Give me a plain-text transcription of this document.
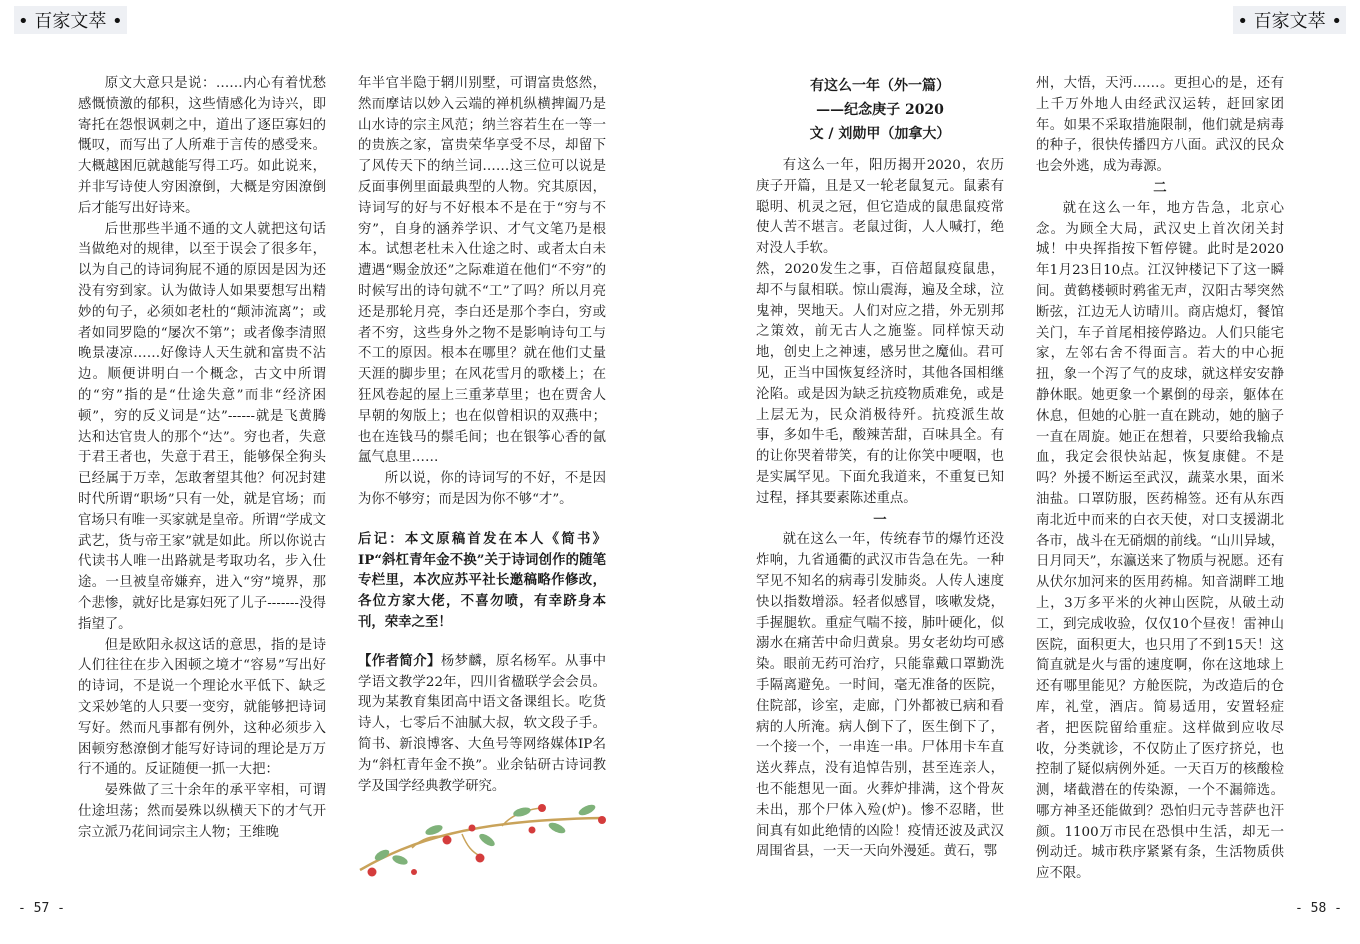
• 百家文萃 •	• 百家文萃 •

原文大意只是说：……内心有着忧愁感慨愤激的郁积，这些情感化为诗兴，即寄托在怨恨讽刺之中，道出了逐臣寡妇的慨叹，而写出了人所难于言传的感受来。大概越困厄就越能写得工巧。如此说来，并非写诗使人穷困潦倒，大概是穷困潦倒后才能写出好诗来。

后世那些半通不通的文人就把这句话当做绝对的规律，以至于误会了很多年，以为自己的诗词狗屁不通的原因是因为还没有穷到家。认为做诗人如果要想写出精妙的句子，必须如老杜的“颠沛流离”；或者如同罗隐的“屡次不第”；或者像李清照晚景凄凉……好像诗人天生就和富贵不沾边。顺便讲明白一个概念，古文中所谓的“穷”指的是“仕途失意”而非“经济困顿”，穷的反义词是“达”------就是飞黄腾达和达官贵人的那个“达”。穷也者，失意于君王者也，失意于君王，能够保全狗头已经属于万幸，怎敢奢望其他？何况封建时代所谓“职场”只有一处，就是官场；而官场只有唯一买家就是皇帝。所谓“学成文武艺，货与帝王家”就是如此。所以你说古代读书人唯一出路就是考取功名，步入仕途。一旦被皇帝嫌弃，进入“穷”境界，那个悲惨，就好比是寡妇死了儿子-------没得指望了。

但是欧阳永叔这话的意思，指的是诗人们往往在步入困顿之境才“容易”写出好的诗词，不是说一个理论水平低下、缺乏文采妙笔的人只要一变穷，就能够把诗词写好。然而凡事都有例外，这种必须步入困顿穷愁潦倒才能写好诗词的理论是万万行不通的。反证随便一抓一大把：

晏殊做了三十余年的承平宰相，可谓仕途坦荡；然而晏殊以纵横天下的才气开宗立派乃花间词宗主人物；王维晚

年半官半隐于辋川别墅，可谓富贵悠然，然而摩诘以妙入云端的禅机纵横捭阖乃是山水诗的宗主风范；纳兰容若生在一等一的贵族之家，富贵荣华享受不尽，却留下了风传天下的纳兰词……这三位可以说是反面事例里面最典型的人物。究其原因，诗词写的好与不好根本不是在于“穷与不穷”，自身的涵养学识、才气文笔乃是根本。试想老杜未入仕途之时、或者太白未遭遇“赐金放还”之际难道在他们“不穷”的时候写出的诗句就不“工”了吗？所以月亮还是那轮月亮，李白还是那个李白，穷或者不穷，这些身外之物不是影响诗句工与不工的原因。根本在哪里？就在他们丈量天涯的脚步里；在风花雪月的歌楼上；在狂风卷起的屋上三重茅草里；也在贾舍人早朝的匆版上；也在似曾相识的双燕中；也在连钱马的鬃毛间；也在银筝心香的氤氲气息里……

所以说，你的诗词写的不好，不是因为你不够穷；而是因为你不够“才”。

后记：本文原稿首发在本人《简书》IP“斜杠青年金不换”关于诗词创作的随笔专栏里，本次应苏平社长邀稿略作修改，各位方家大佬，不喜勿喷，有幸跻身本刊，荣幸之至！

【作者简介】杨梦麟，原名杨军。从事中学语文教学22年，四川省楹联学会会员。现为某教育集团高中语文备课组长。吃货诗人，七零后不油腻大叔，软文段子手。简书、新浪博客、大鱼号等网络媒体IP名为“斜杠青年金不换”。业余钻研古诗词教学及国学经典教学研究。

有这么一年（外一篇）
——纪念庚子 2020
文 / 刘勋甲（加拿大）

有这么一年，阳历揭开2020，农历庚子开篇，且是又一轮老鼠复元。鼠素有聪明、机灵之冠，但它造成的鼠患鼠疫常使人苦不堪言。老鼠过街，人人喊打，绝对没人手软。

然，2020发生之事，百倍超鼠疫鼠患，却不与鼠相联。惊山震海，遍及全球，泣鬼神，哭地天。人们对应之措，外无别邦之策效，前无古人之施鉴。同样惊天动地，创史上之神速，感另世之魔仙。君可见，正当中国恢复经济时，其他各国相继沦陷。或是因为缺乏抗疫物质难免，或是上层无为，民众消极待歼。抗疫派生故事，多如牛毛，酸辣苦甜，百味具全。有的让你哭着带笑，有的让你笑中哽咽，也是实属罕见。下面允我道来，不重复已知过程，择其要素陈述重点。

一

就在这么一年，传统春节的爆竹还没炸响，九省通衢的武汉市告急在先。一种罕见不知名的病毒引发肺炎。人传人速度快以指数增添。轻者似感冒，咳嗽发烧，手握腿软。重症气喘不接，肺叶硬化，似溺水在痛苦中命归黄泉。男女老幼均可感染。眼前无药可治疗，只能靠戴口罩勤洗手隔离避免。一时间，毫无准备的医院，住院部，诊室，走廊，门外都被已病和看病的人所淹。病人倒下了，医生倒下了，一个接一个，一串连一串。尸体用卡车直送火葬点，没有追悼告别，甚至连亲人，也不能想见一面。火葬炉排满，这个骨灰未出，那个尸体入殓(炉)。惨不忍睹，世间真有如此绝情的凶险！疫情还波及武汉周围省县，一天一天向外漫延。黄石，鄂

州，大悟，天沔……。更担心的是，还有上千万外地人由经武汉运转，赶回家团年。如果不采取措施限制，他们就是病毒的种子，很快传播四方八面。武汉的民众也会外逃，成为毒源。

二

就在这么一年，地方告急，北京心念。为顾全大局，武汉史上首次闭关封城！中央挥指按下暂停键。此时是2020年1月23日10点。江汉钟楼记下了这一瞬间。黄鹤楼顿时鸦雀无声，汉阳古琴突然断弦，江边无人访晴川。商店熄灯，餐馆关门，车子首尾相接停路边。人们只能宅家，左邻右舍不得面言。若大的中心扼扭，象一个泻了气的皮球，就这样安安静静休眠。她更象一个累倒的母亲，躯体在休息，但她的心脏一直在跳动，她的脑子一直在周旋。她正在想着，只要给我输点血，我定会很快站起，恢复康健。不是吗？外援不断运至武汉，蔬菜水果，面米油盐。口罩防服，医药棉签。还有从东西南北近中而来的白衣天使，对口支援湖北各市，战斗在无硝烟的前线。“山川异域，日月同天”，东瀛送来了物质与祝愿。还有从伏尔加河来的医用药棉。知音湖畔工地上，3万多平米的火神山医院，从破土动工，到完成收验，仅仅10个昼夜！雷神山医院，面积更大，也只用了不到15天！这简直就是火与雷的速度啊，你在这地球上还有哪里能见？方舱医院，为改造后的仓库，礼堂，酒店。简易适用，安置轻症者，把医院留给重症。这样做到应收尽收，分类就诊，不仅防止了医疗挤兑，也控制了疑似病例外延。一天百万的核酸检测，堵截潜在的传染源，一个不漏筛选。哪方神圣还能做到？恐怕归元寺菩萨也汗颜。1100万市民在恐惧中生活，却无一例动迁。城市秩序紧紧有条，生活物质供应不限。

- 57 -	- 58 -
